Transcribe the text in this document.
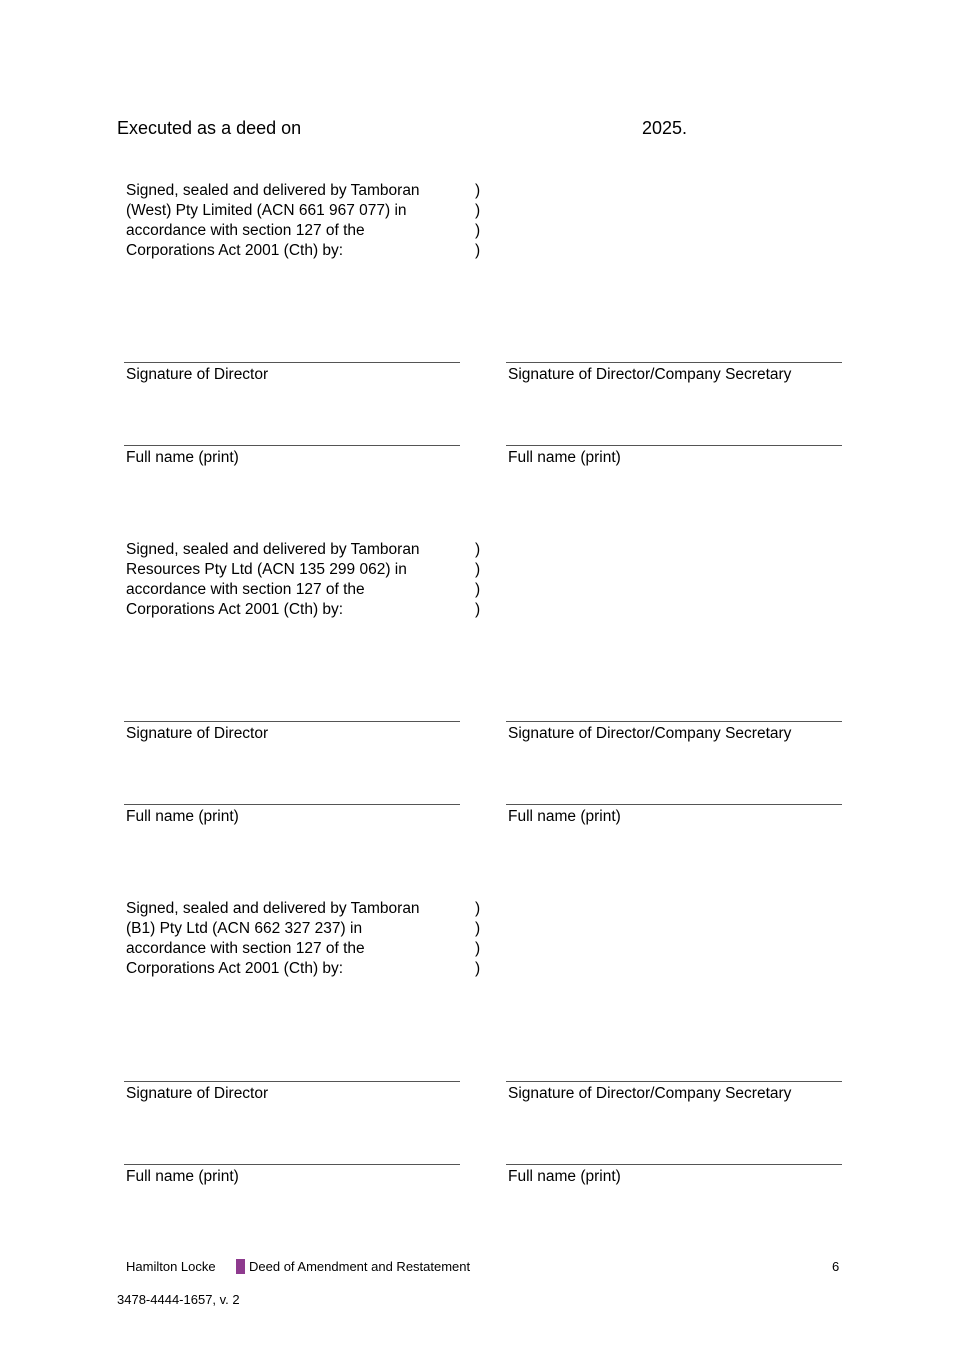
Executed as a deed on	2025.
Signed, sealed and delivered by Tamboran
(West) Pty Limited (ACN 661 967 077) in
accordance with section 127 of the
Corporations Act 2001 (Cth) by:
)
)
)
)
Signature of Director	Signature of Director/Company Secretary
Full name (print)	Full name (print)
Signed, sealed and delivered by Tamboran
Resources Pty Ltd (ACN 135 299 062) in
accordance with section 127 of the
Corporations Act 2001 (Cth) by:
)
)
)
)
Signature of Director	Signature of Director/Company Secretary
Full name (print)	Full name (print)
Signed, sealed and delivered by Tamboran
(B1) Pty Ltd (ACN 662 327 237) in
accordance with section 127 of the
Corporations Act 2001 (Cth) by:
)
)
)
)
Signature of Director	Signature of Director/Company Secretary
Full name (print)	Full name (print)
Hamilton Locke	Deed of Amendment and Restatement	6
3478-4444-1657, v. 2
